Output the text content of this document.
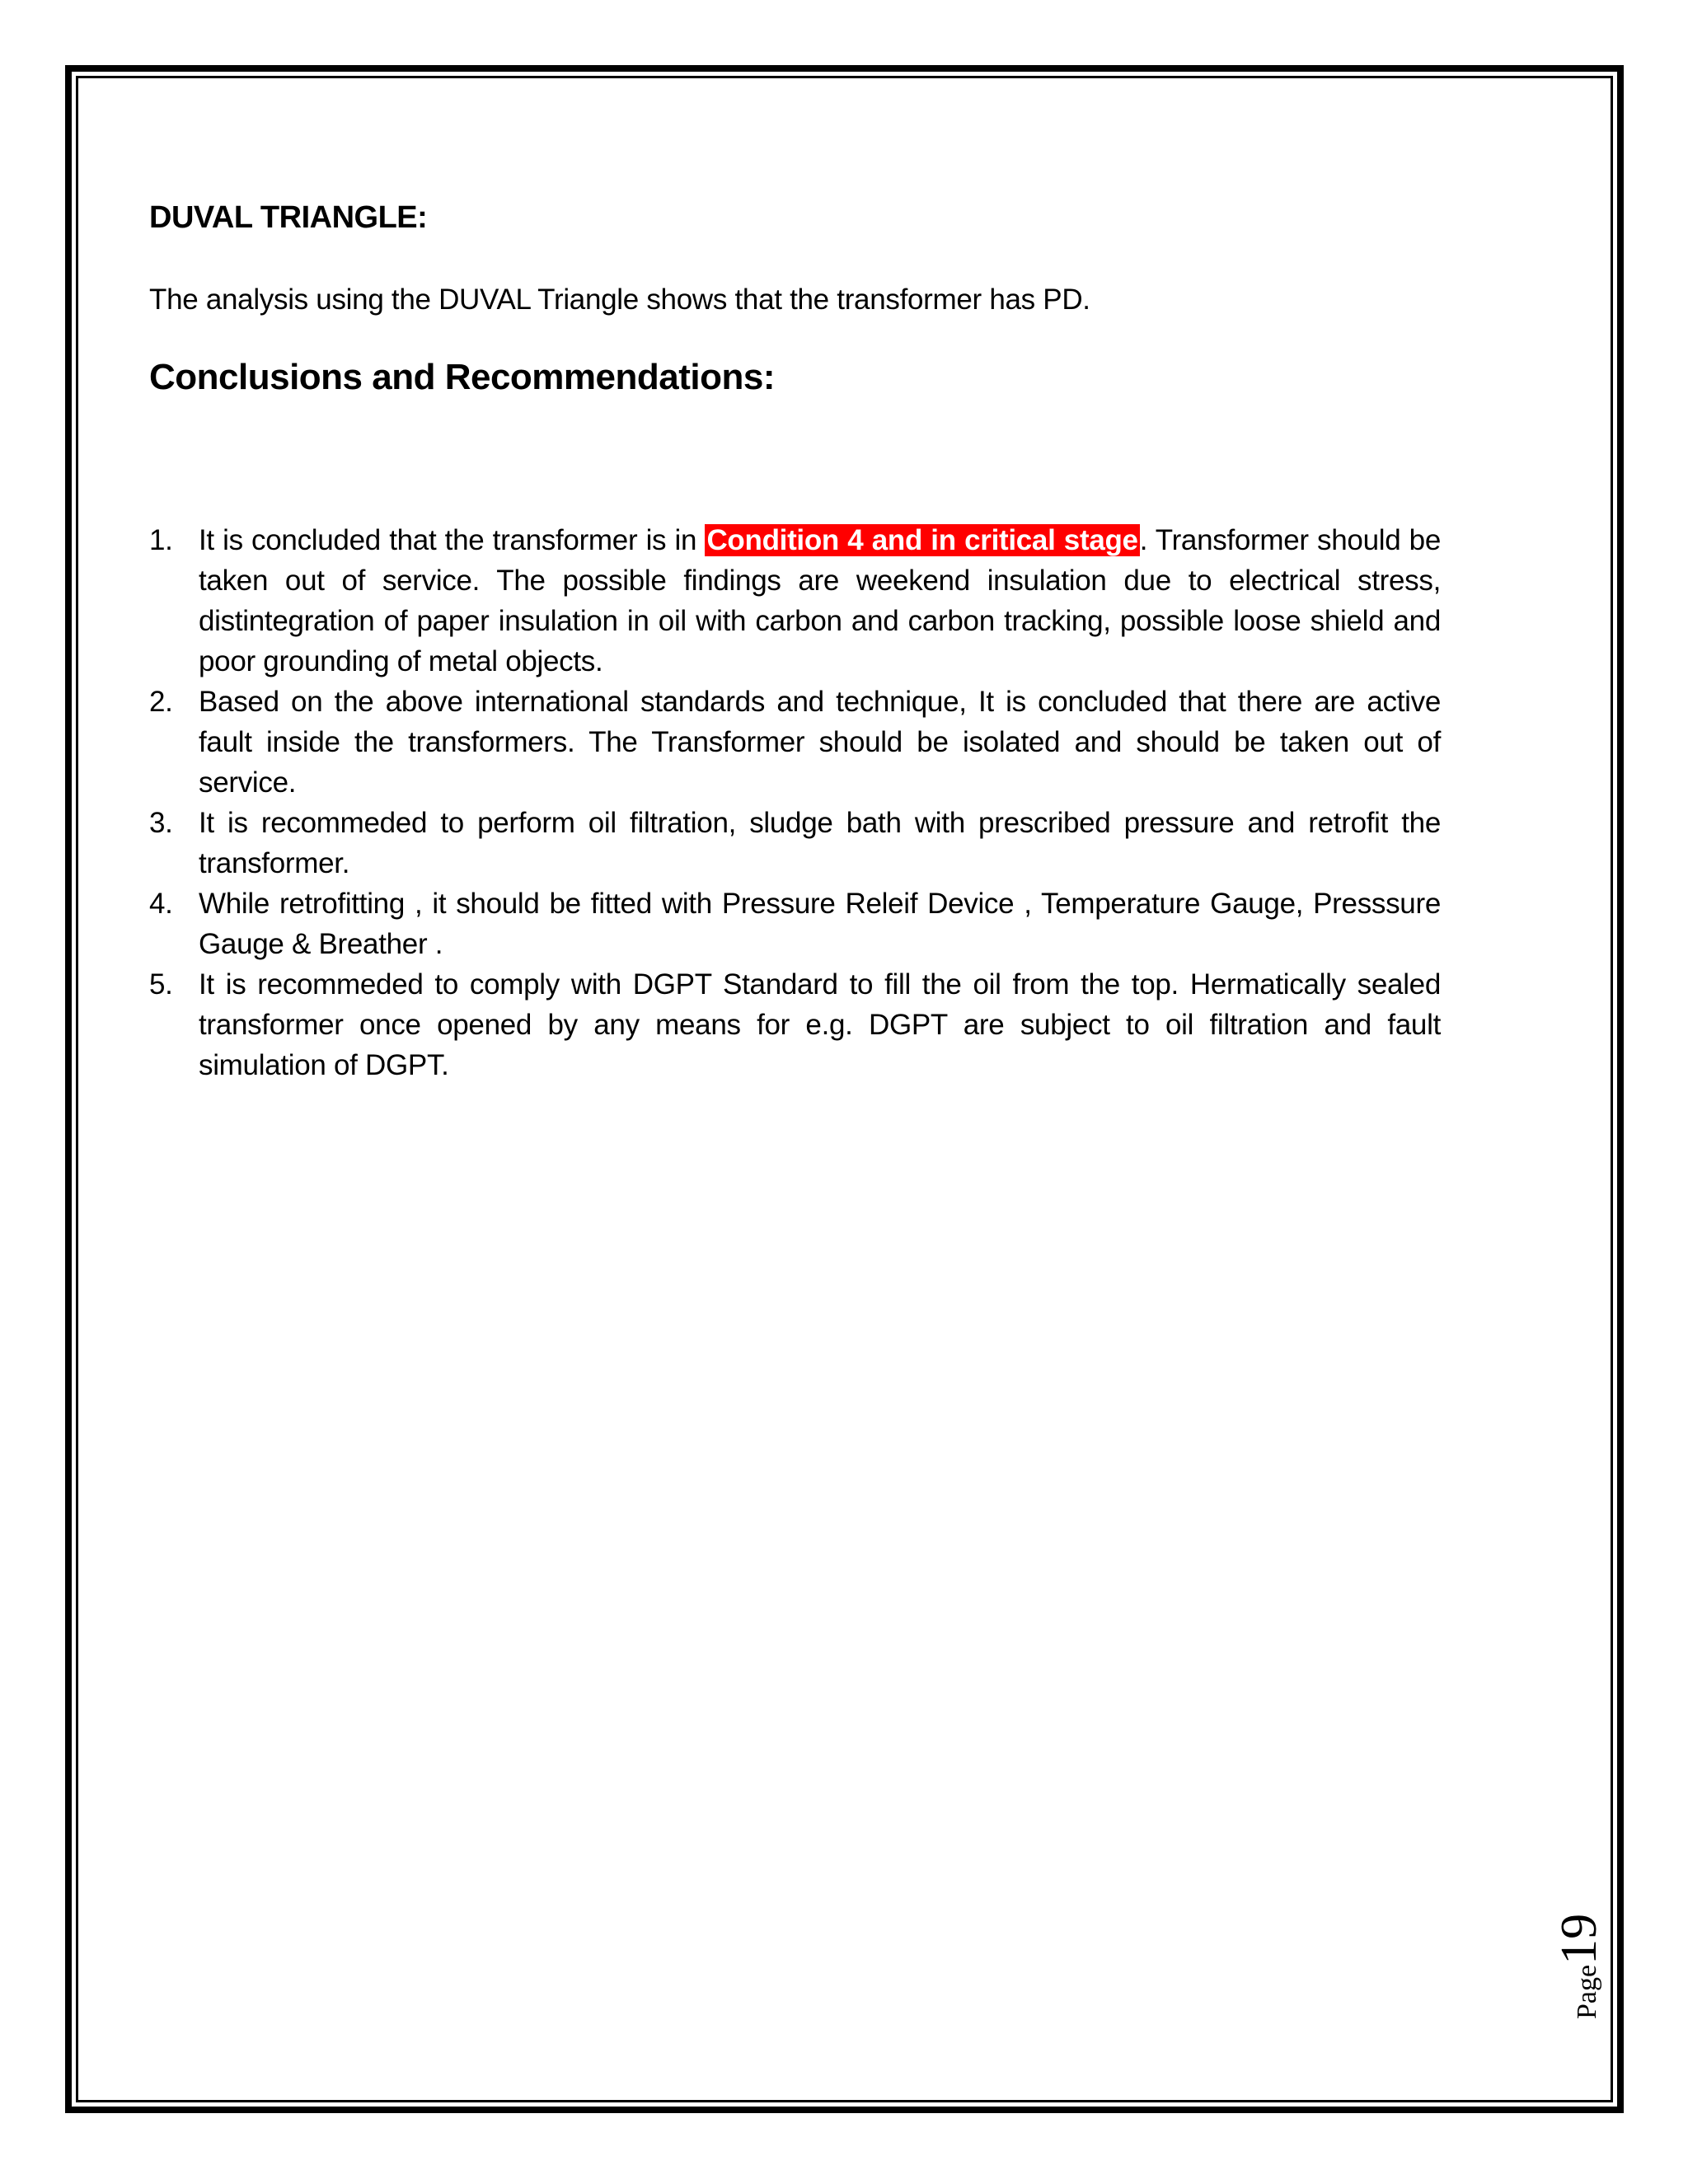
DUVAL TRIANGLE:

The analysis using the DUVAL Triangle shows that the transformer has PD.

Conclusions and Recommendations:
1. It is concluded that the transformer is in Condition 4 and in critical stage. Transformer should be taken out of service. The possible findings are weekend insulation due to electrical stress, distintegration of paper insulation in oil with carbon and carbon tracking, possible loose shield and poor grounding of metal objects.
2. Based on the above international standards and technique, It is concluded that there are active fault inside the transformers. The Transformer should be isolated and should be taken out of service.
3. It is recommeded to perform oil filtration, sludge bath with prescribed pressure and retrofit the transformer.
4. While retrofitting , it should be fitted with Pressure Releif Device , Temperature Gauge, Presssure Gauge & Breather .
5. It is recommeded to comply with DGPT Standard to fill the oil from the top. Hermatically sealed transformer once opened by any means for e.g. DGPT are subject to oil filtration and fault simulation of DGPT.
Page19
